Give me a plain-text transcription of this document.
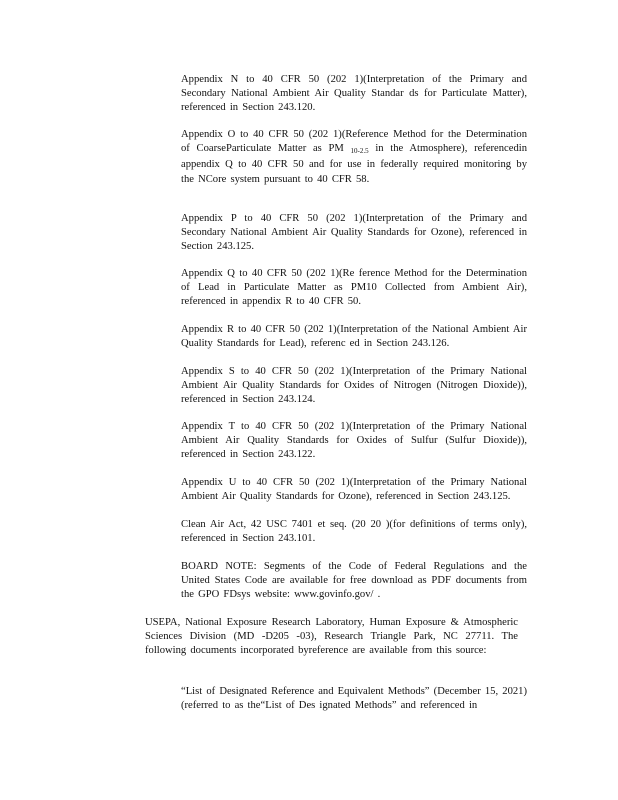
Appendix N to 40 CFR 50 (202 1)(Interpretation of the Primary and Secondary National Ambient Air Quality Standar ds for Particulate Matter), referenced in Section 243.120.

Appendix O to 40 CFR 50 (202 1)(Reference Method for the Determination of CoarseParticulate Matter as PM $_{10-2.5}$ in the Atmosphere), referencedin appendix Q to 40 CFR 50 and for use in federally required monitoring by the NCore system pursuant to 40 CFR 58.

Appendix P to 40 CFR 50 (202 1)(Interpretation of the Primary and Secondary National Ambient Air Quality Standards for Ozone), referenced in Section 243.125.

Appendix Q to 40 CFR 50 (202 1)(Re ference Method for the Determination of Lead in Particulate Matter as PM10 Collected from Ambient Air), referenced in appendix R to 40 CFR 50.

Appendix R to 40 CFR 50 (202 1)(Interpretation of the National Ambient Air Quality Standards for Lead), referenc ed in Section 243.126.

Appendix S to 40 CFR 50 (202 1)(Interpretation of the Primary National Ambient Air Quality Standards for Oxides of Nitrogen (Nitrogen Dioxide)), referenced in Section 243.124.

Appendix T to 40 CFR 50 (202 1)(Interpretation of the Primary National Ambient Air Quality Standards for Oxides of Sulfur (Sulfur Dioxide)), referenced in Section 243.122.

Appendix U to 40 CFR 50 (202 1)(Interpretation of the Primary National Ambient Air Quality Standards for Ozone), referenced in Section 243.125.

Clean Air Act, 42 USC 7401 et seq. (20 20 )(for definitions of terms only), referenced in Section 243.101.

BOARD NOTE: Segments of the Code of Federal Regulations and the United States Code are available for free download as PDF documents from the GPO FDsys website: www.govinfo.gov/ .

USEPA, National Exposure Research Laboratory, Human Exposure & Atmospheric Sciences Division (MD -D205 -03), Research Triangle Park, NC 27711. The following documents incorporated byreference are available from this source:

“List of Designated Reference and Equivalent Methods” (December 15, 2021) (referred to as the“List of Des ignated Methods” and referenced in
